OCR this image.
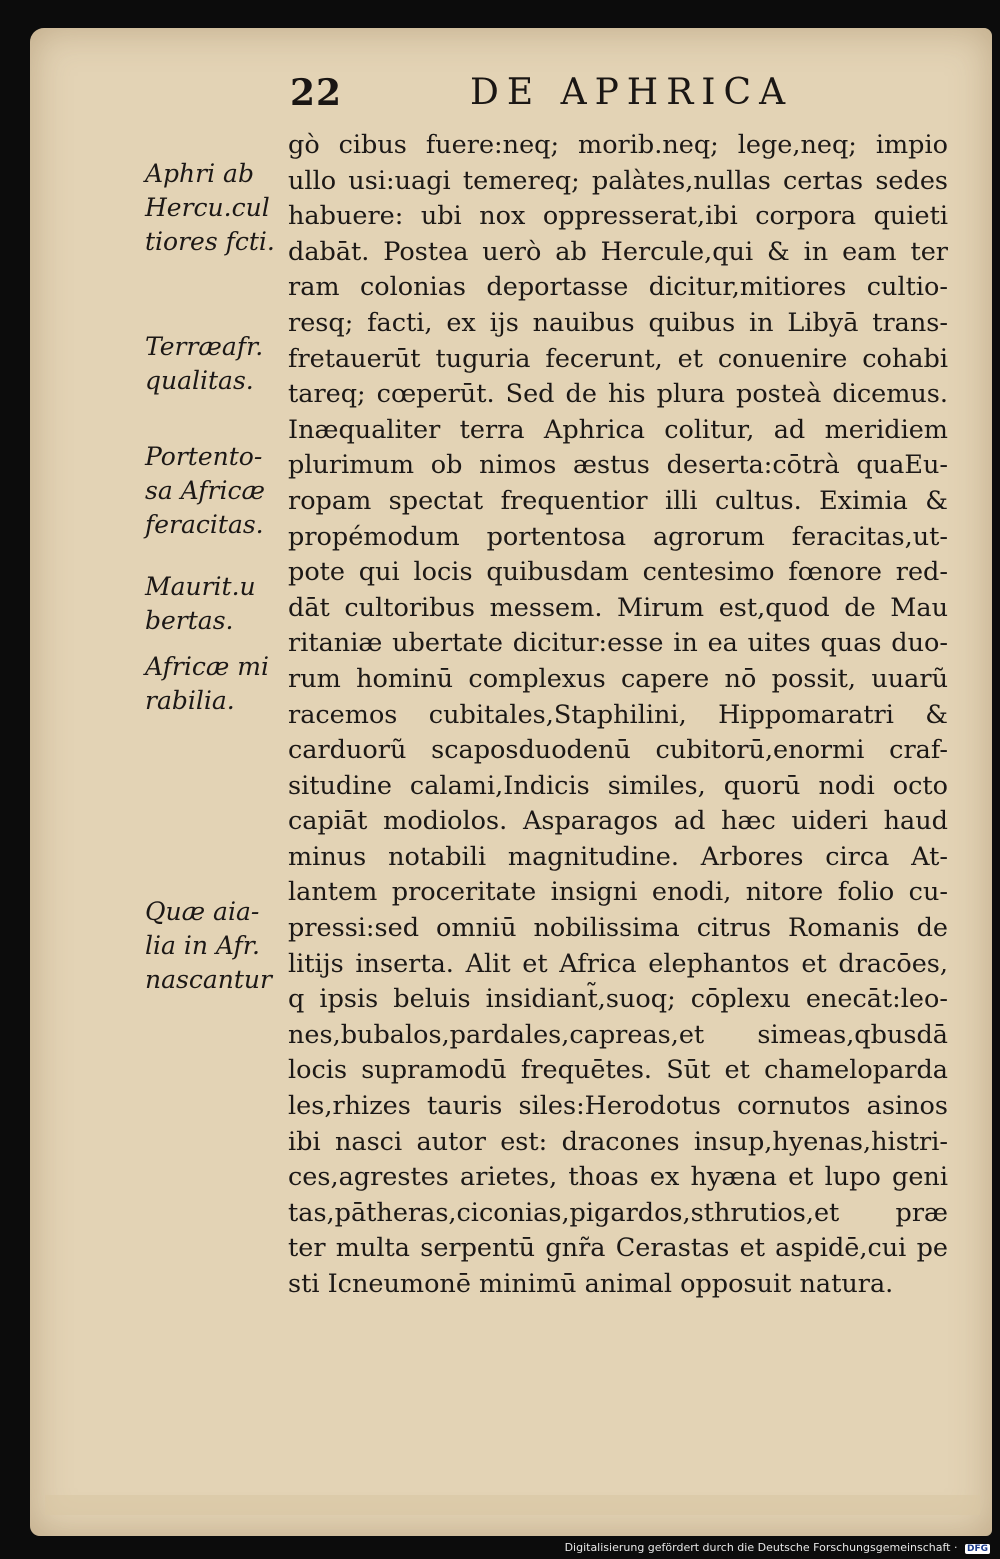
22	DE APHRICA
gò cibus fuere:neq; morib.neq; lege,neq; impio
ullo usi:uagi temereq; palàtes,nullas certas sedes
habuere: ubi nox oppresserat,ibi corpora quieti
dabāt. Postea uerò ab Hercule,qui & in eam ter
ram colonias deportasse dicitur,mitiores cultio-
resq; facti, ex ijs nauibus quibus in Libyā trans-
fretauerūt tuguria fecerunt, et conuenire cohabi
tareq; cœperūt. Sed de his plura posteà dicemus.
Inæqualiter terra Aphrica colitur, ad meridiem
plurimum ob nimos æstus deserta:cōtrà quaEu-
ropam spectat frequentior illi cultus. Eximia &
propémodum portentosa agrorum feracitas,ut-
pote qui locis quibusdam centesimo fœnore red-
dāt cultoribus messem. Mirum est,quod de Mau
ritaniæ ubertate dicitur:esse in ea uites quas duo-
rum hominū complexus capere nō possit, uuarũ
racemos cubitales,Staphilini, Hippomaratri &
carduorũ scaposduodenū cubitorū,enormi craf-
situdine calami,Indicis similes, quorū nodi octo
capiāt modiolos. Asparagos ad hæc uideri haud
minus notabili magnitudine. Arbores circa At-
lantem proceritate insigni enodi, nitore folio cu-
pressi:sed omniū nobilissima citrus Romanis de
litijs inserta. Alit et Africa elephantos et dracōes,
q ipsis beluis insidiant̃,suoq; cōplexu enecāt:leo-
nes,bubalos,pardales,capreas,et simeas,qbusdā
locis supramodū frequētes. Sūt et chameloparda
les,rhizes tauris siles:Herodotus cornutos asinos
ibi nasci autor est: dracones insup,hyenas,histri-
ces,agrestes arietes, thoas ex hyæna et lupo geni
tas,pātheras,ciconias,pigardos,sthrutios,et præ
ter multa serpentū gnr̃a Cerastas et aspidē,cui pe
sti Icneumonē minimū animal opposuit natura.
Aphri ab
Hercu.cul
tiores fcti.
Terræafr.
qualitas.
Portento-
sa Africæ
feracitas.
Maurit.u
bertas.
Africæ mi
rabilia.
Quæ aia-
lia in Afr.
nascantur
Digitalisierung gefördert durch die Deutsche Forschungsgemeinschaft · DFG
